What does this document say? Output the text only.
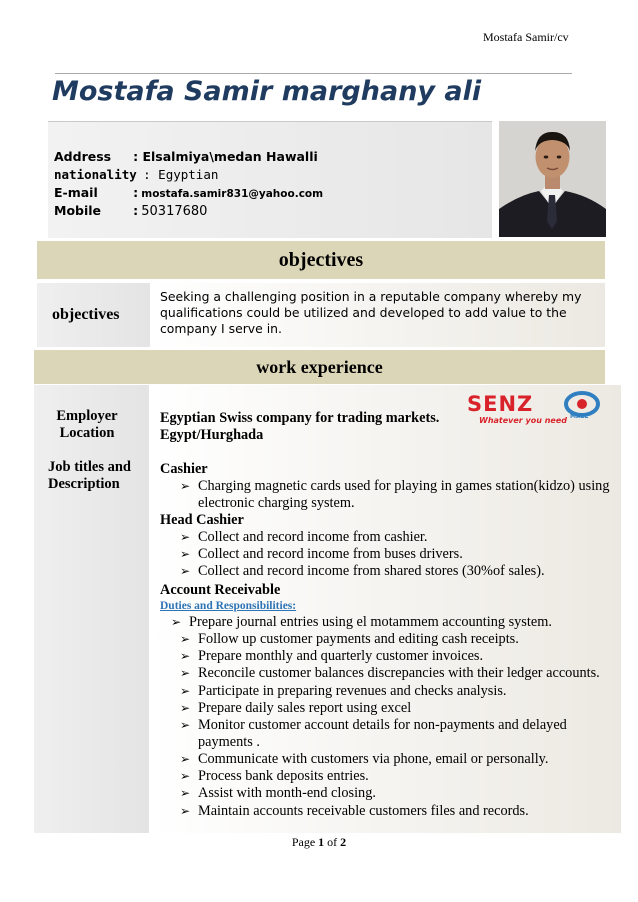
Mostafa Samir/cv
Mostafa Samir marghany ali
Address : Elsalmiya\medan Hawalli
nationality : Egyptian
E-mail	: mostafa.samir831@yahoo.com
Mobile	: 50317680
objectives
objectives
Seeking a challenging position in a reputable company whereby my
qualifications could be utilized and developed to add value to the
company I serve in.
work experience
Employer
Location
Job titles and
Description
SENZ
MALL
Whatever you need
Egyptian Swiss company for trading markets.
Egypt/Hurghada
Cashier
➢ Charging magnetic cards used for playing in games station(kidzo) using
electronic charging system.
Head Cashier
➢ Collect and record income from cashier.
➢ Collect and record income from buses drivers.
➢ Collect and record income from shared stores (30%of sales).
Account Receivable
Duties and Responsibilities:
➢ Prepare journal entries using el motammem accounting system.
➢ Follow up customer payments and editing cash receipts.
➢ Prepare monthly and quarterly customer invoices.
➢ Reconcile customer balances discrepancies with their ledger accounts.
➢ Participate in preparing revenues and checks analysis.
➢ Prepare daily sales report using excel
➢ Monitor customer account details for non-payments and delayed
payments .
➢ Communicate with customers via phone, email or personally.
➢ Process bank deposits entries.
➢ Assist with month-end closing.
➢ Maintain accounts receivable customers files and records.
Page 1 of 2
